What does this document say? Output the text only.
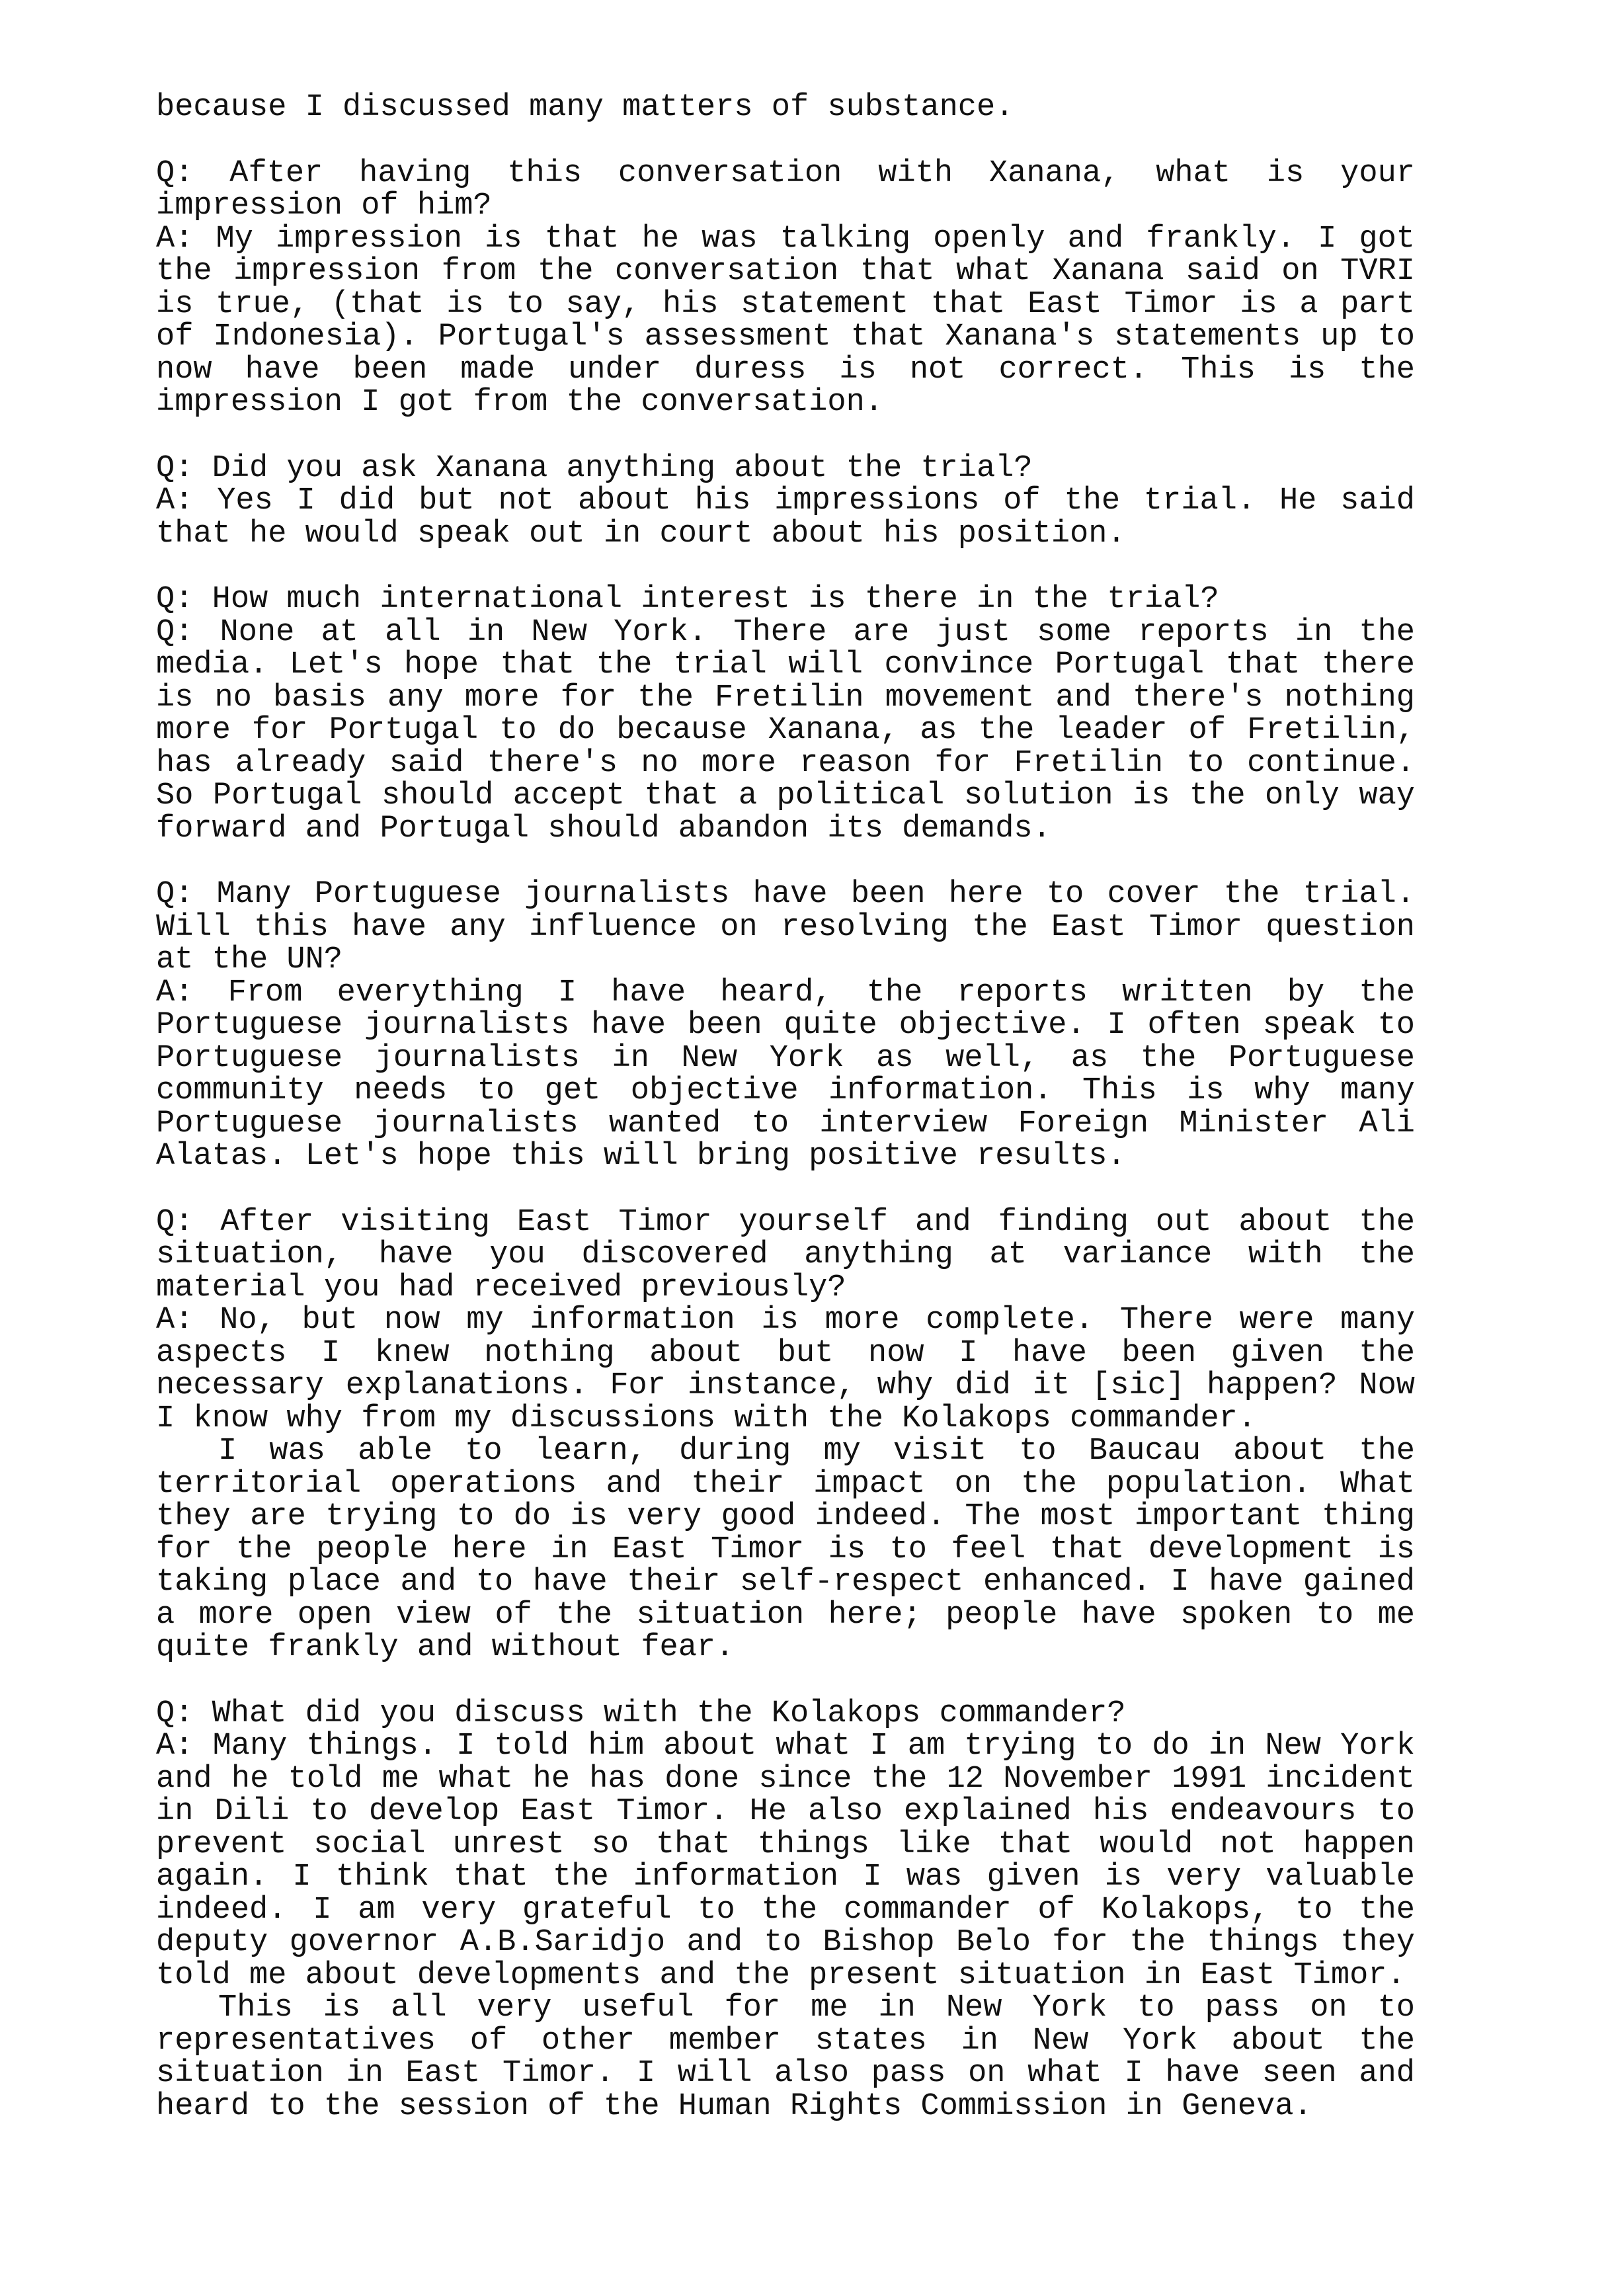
because I discussed many matters of substance.

Q: After having this conversation with Xanana, what is your impression of him?

A: My impression is that he was talking openly and frankly. I got the impression from the conversation that what Xanana said on TVRI is true, (that is to say, his statement that East Timor is a part of Indonesia). Portugal's assessment that Xanana's statements up to now have been made under duress is not correct. This is the impression I got from the conversation.

Q: Did you ask Xanana anything about the trial?

A: Yes I did but not about his impressions of the trial. He said that he would speak out in court about his position.

Q: How much international interest is there in the trial?

Q: None at all in New York. There are just some reports in the media. Let's hope that the trial will convince Portugal that there is no basis any more for the Fretilin movement and there's nothing more for Portugal to do because Xanana, as the leader of Fretilin, has already said there's no more reason for Fretilin to continue. So Portugal should accept that a political solution is the only way forward and Portugal should abandon its demands.

Q: Many Portuguese journalists have been here to cover the trial. Will this have any influence on resolving the East Timor question at the UN?

A: From everything I have heard, the reports written by the Portuguese journalists have been quite objective. I often speak to Portuguese journalists in New York as well, as the Portuguese community needs to get objective information. This is why many Portuguese journalists wanted to interview Foreign Minister Ali Alatas. Let's hope this will bring positive results.

Q: After visiting East Timor yourself and finding out about the situation, have you discovered anything at variance with the material you had received previously?

A: No, but now my information is more complete. There were many aspects I knew nothing about but now I have been given the necessary explanations. For instance, why did it [sic] happen? Now I know why from my discussions with the Kolakops commander.

I was able to learn, during my visit to Baucau about the territorial operations and their impact on the population. What they are trying to do is very good indeed. The most important thing for the people here in East Timor is to feel that development is taking place and to have their self-respect enhanced. I have gained a more open view of the situation here; people have spoken to me quite frankly and without fear.

Q: What did you discuss with the Kolakops commander?

A: Many things. I told him about what I am trying to do in New York and he told me what he has done since the 12 November 1991 incident in Dili to develop East Timor. He also explained his endeavours to prevent social unrest so that things like that would not happen again. I think that the information I was given is very valuable indeed. I am very grateful to the commander of Kolakops, to the deputy governor A.B.Saridjo and to Bishop Belo for the things they told me about developments and the present situation in East Timor.

This is all very useful for me in New York to pass on to representatives of other member states in New York about the situation in East Timor. I will also pass on what I have seen and heard to the session of the Human Rights Commission in Geneva.
